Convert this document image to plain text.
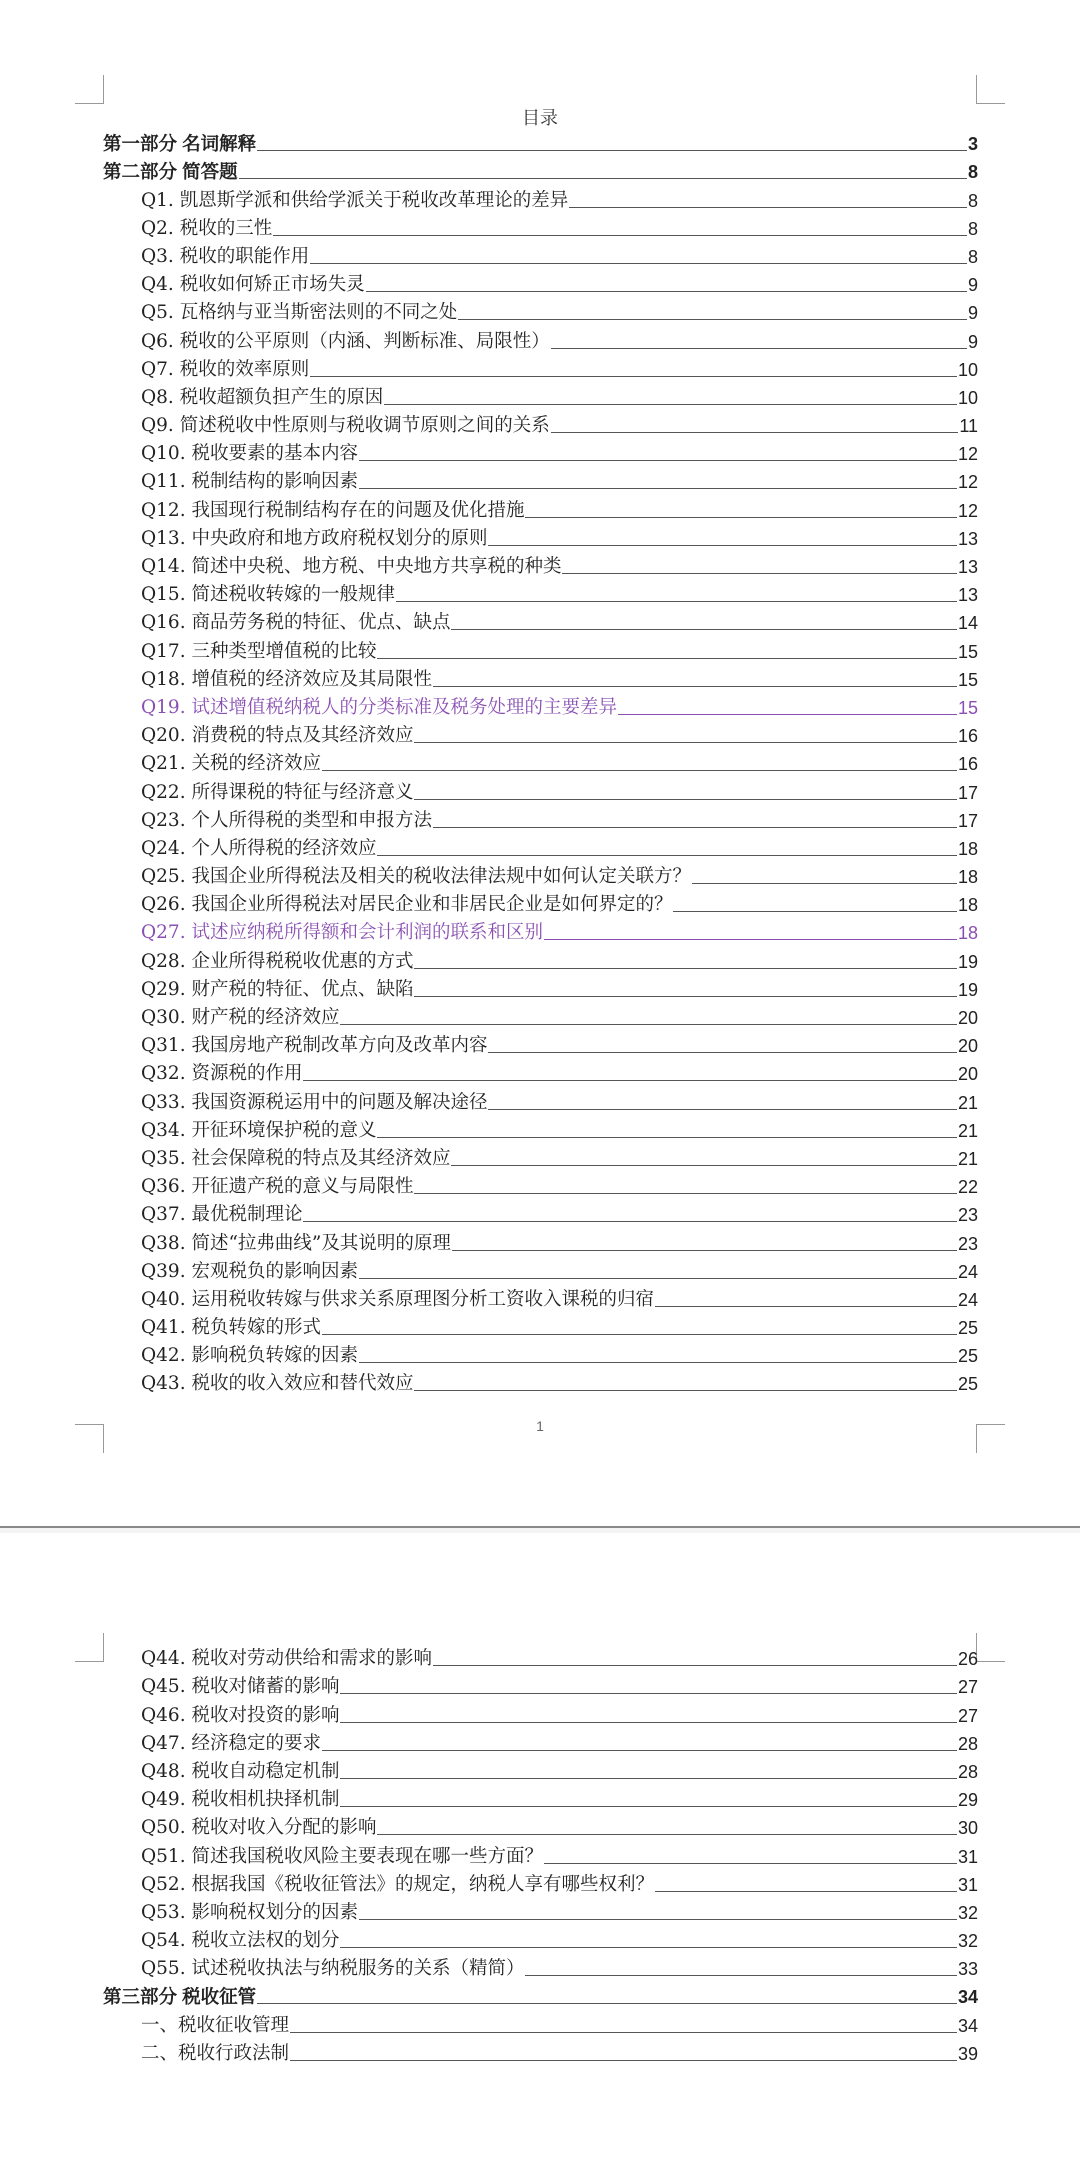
目录
第一部分 名词解释	3
第二部分 简答题	8
Q1. 凯恩斯学派和供给学派关于税收改革理论的差异	8
Q2. 税收的三性	8
Q3. 税收的职能作用	8
Q4. 税收如何矫正市场失灵	9
Q5. 瓦格纳与亚当斯密法则的不同之处	9
Q6. 税收的公平原则（内涵、判断标准、局限性）	9
Q7. 税收的效率原则	10
Q8. 税收超额负担产生的原因	10
Q9. 简述税收中性原则与税收调节原则之间的关系	11
Q10. 税收要素的基本内容	12
Q11. 税制结构的影响因素	12
Q12. 我国现行税制结构存在的问题及优化措施	12
Q13. 中央政府和地方政府税权划分的原则	13
Q14. 简述中央税、地方税、中央地方共享税的种类	13
Q15. 简述税收转嫁的一般规律	13
Q16. 商品劳务税的特征、优点、缺点	14
Q17. 三种类型增值税的比较	15
Q18. 增值税的经济效应及其局限性	15
Q19. 试述增值税纳税人的分类标准及税务处理的主要差异	15
Q20. 消费税的特点及其经济效应	16
Q21. 关税的经济效应	16
Q22. 所得课税的特征与经济意义	17
Q23. 个人所得税的类型和申报方法	17
Q24. 个人所得税的经济效应	18
Q25. 我国企业所得税法及相关的税收法律法规中如何认定关联方？	18
Q26. 我国企业所得税法对居民企业和非居民企业是如何界定的？	18
Q27. 试述应纳税所得额和会计利润的联系和区别	18
Q28. 企业所得税税收优惠的方式	19
Q29. 财产税的特征、优点、缺陷	19
Q30. 财产税的经济效应	20
Q31. 我国房地产税制改革方向及改革内容	20
Q32. 资源税的作用	20
Q33. 我国资源税运用中的问题及解决途径	21
Q34. 开征环境保护税的意义	21
Q35. 社会保障税的特点及其经济效应	21
Q36. 开征遗产税的意义与局限性	22
Q37. 最优税制理论	23
Q38. 简述“拉弗曲线”及其说明的原理	23
Q39. 宏观税负的影响因素	24
Q40. 运用税收转嫁与供求关系原理图分析工资收入课税的归宿	24
Q41. 税负转嫁的形式	25
Q42. 影响税负转嫁的因素	25
Q43. 税收的收入效应和替代效应	25
1
Q44. 税收对劳动供给和需求的影响	26
Q45. 税收对储蓄的影响	27
Q46. 税收对投资的影响	27
Q47. 经济稳定的要求	28
Q48. 税收自动稳定机制	28
Q49. 税收相机抉择机制	29
Q50. 税收对收入分配的影响	30
Q51. 简述我国税收风险主要表现在哪一些方面？	31
Q52. 根据我国《税收征管法》的规定，纳税人享有哪些权利？	31
Q53. 影响税权划分的因素	32
Q54. 税收立法权的划分	32
Q55. 试述税收执法与纳税服务的关系（精简）	33
第三部分 税收征管	34
一、税收征收管理	34
二、税收行政法制	39
